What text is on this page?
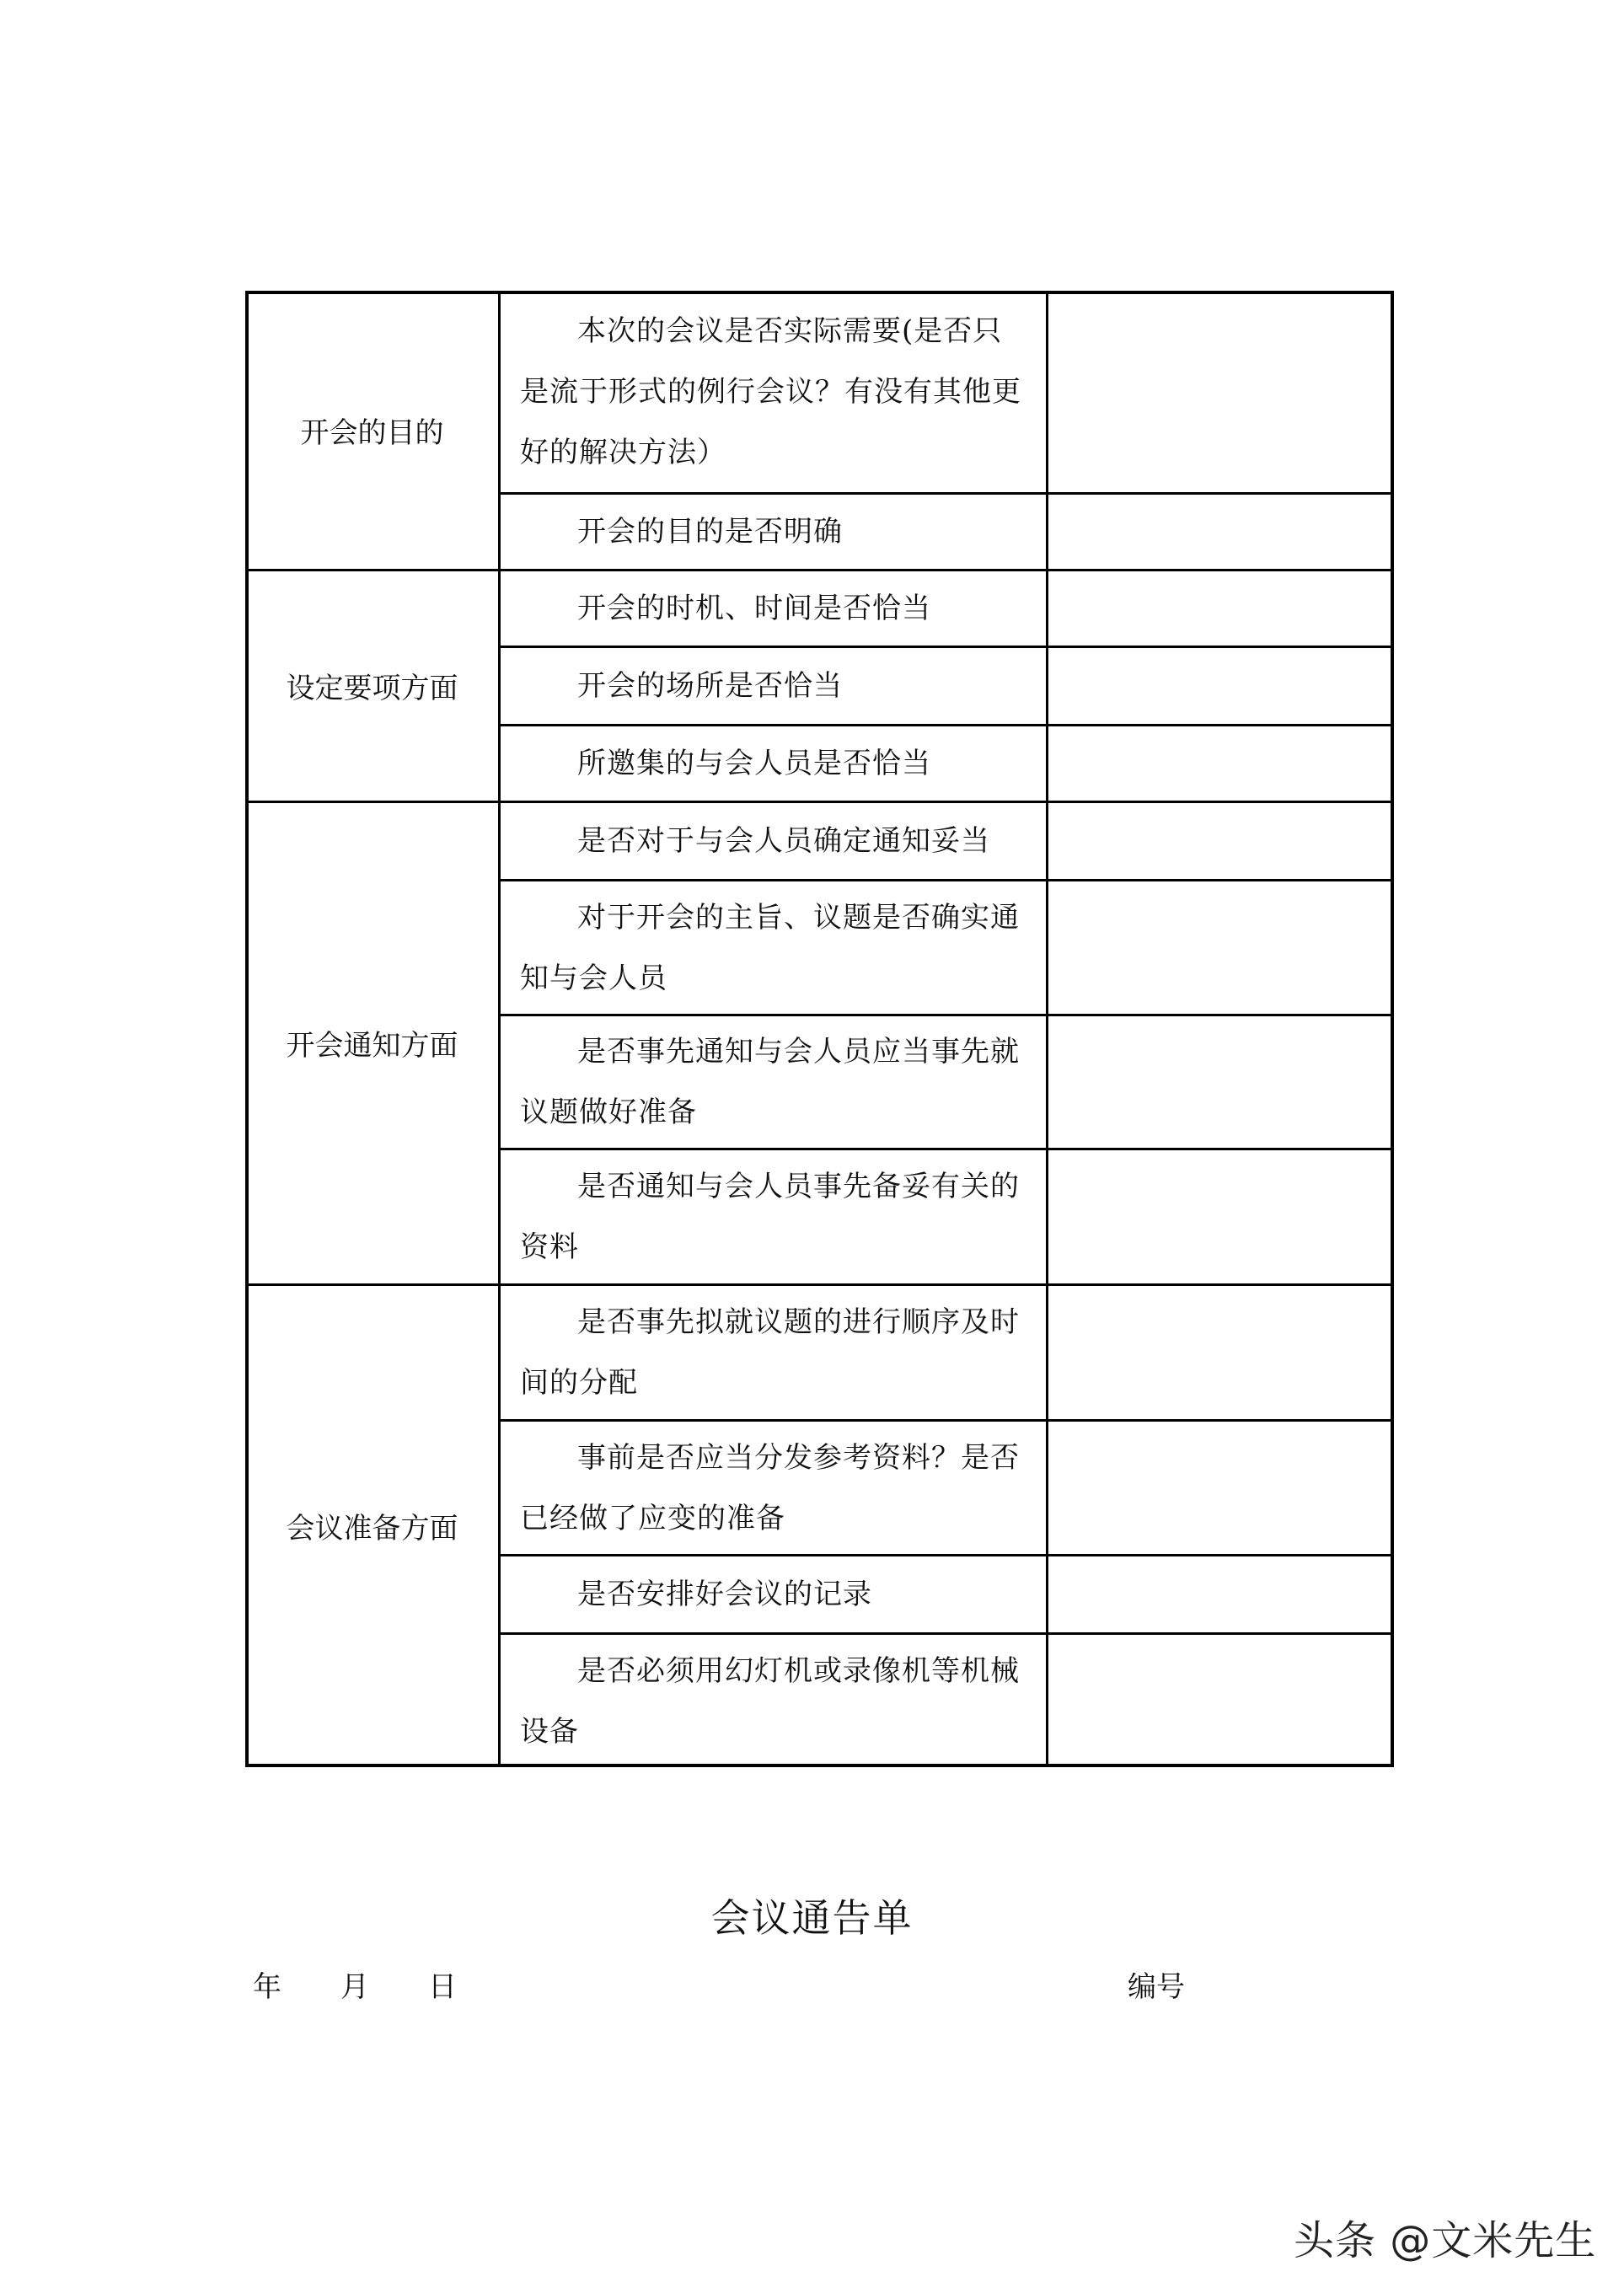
开会的目的
设定要项方面
开会通知方面
会议准备方面
本次的会议是否实际需要(是否只是流于形式的例行会议？有没有其他更好的解决方法）
开会的目的是否明确
开会的时机、时间是否恰当
开会的场所是否恰当
所邀集的与会人员是否恰当
是否对于与会人员确定通知妥当
对于开会的主旨、议题是否确实通知与会人员
是否事先通知与会人员应当事先就议题做好准备
是否通知与会人员事先备妥有关的资料
是否事先拟就议题的进行顺序及时间的分配
事前是否应当分发参考资料？是否已经做了应变的准备
是否安排好会议的记录
是否必须用幻灯机或录像机等机械设备
会议通告单
年 月 日	编号
头条 @文米先生
